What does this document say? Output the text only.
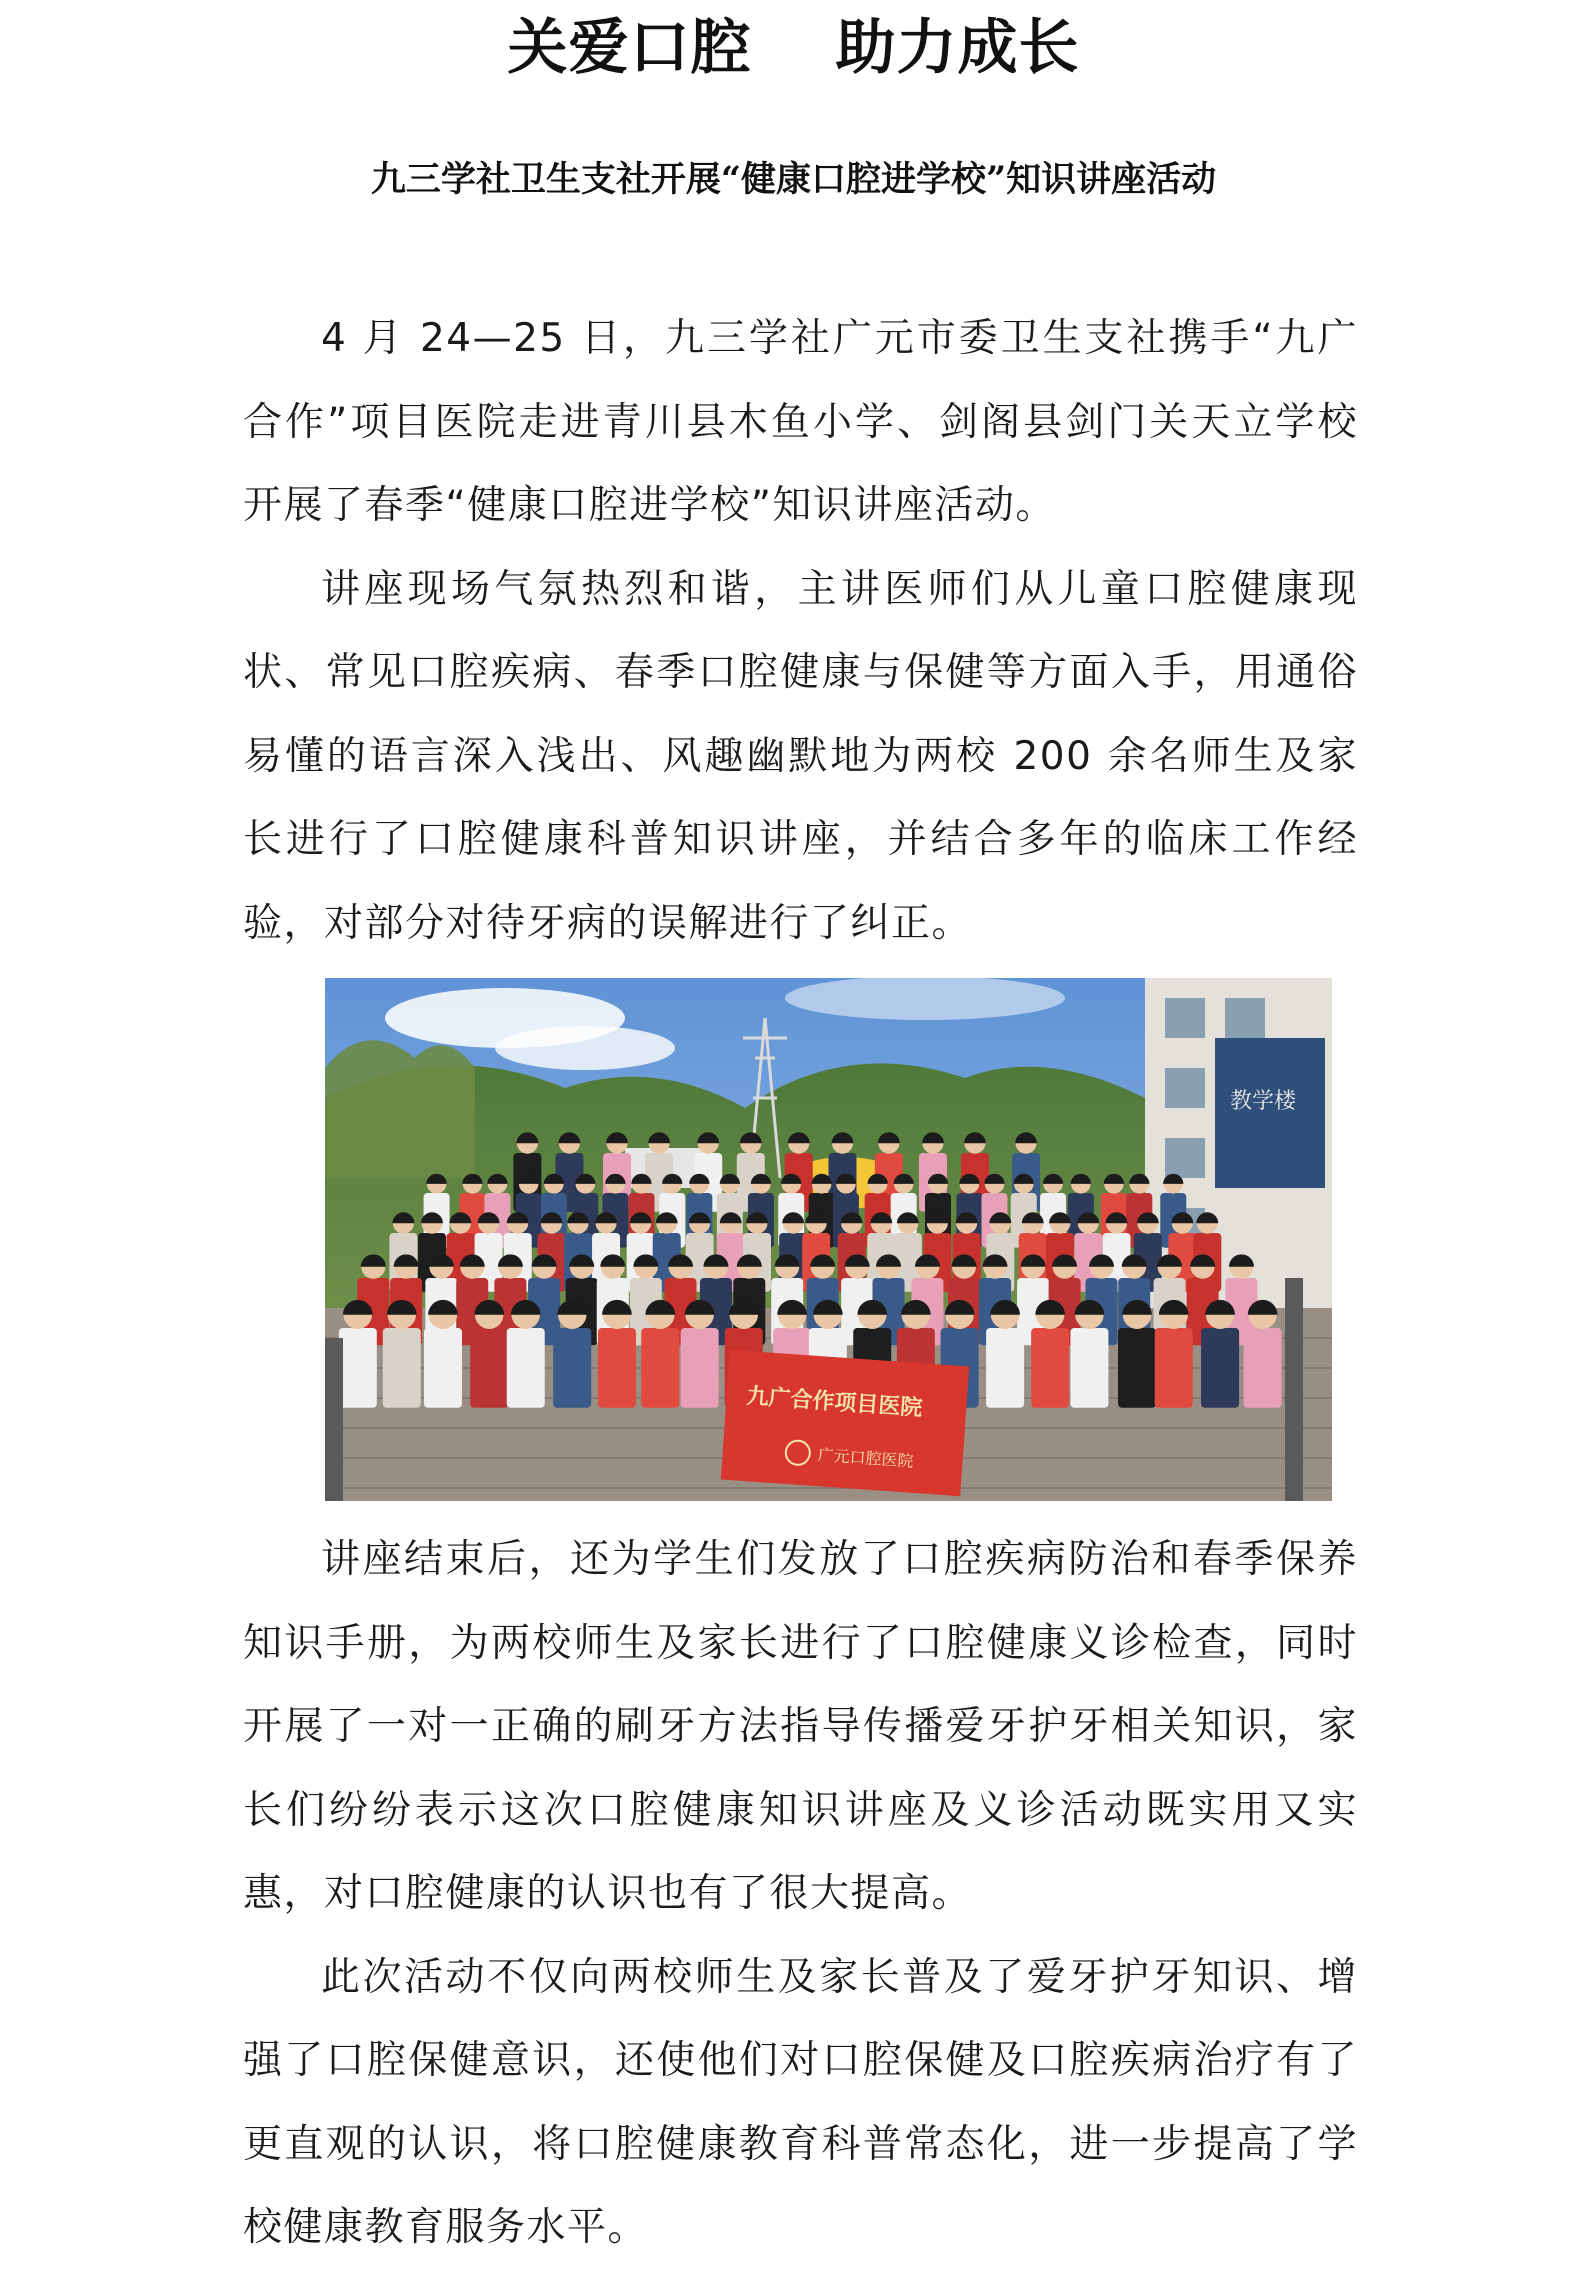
关爱口腔 助力成长
九三学社卫生支社开展“健康口腔进学校”知识讲座活动

4 月 24—25 日，九三学社广元市委卫生支社携手“九广合作”项目医院走进青川县木鱼小学、剑阁县剑门关天立学校开展了春季“健康口腔进学校”知识讲座活动。

讲座现场气氛热烈和谐，主讲医师们从儿童口腔健康现状、常见口腔疾病、春季口腔健康与保健等方面入手，用通俗易懂的语言深入浅出、风趣幽默地为两校 200 余名师生及家长进行了口腔健康科普知识讲座，并结合多年的临床工作经验，对部分对待牙病的误解进行了纠正。

教学楼
九广合作项目医院
广元口腔医院

讲座结束后，还为学生们发放了口腔疾病防治和春季保养知识手册，为两校师生及家长进行了口腔健康义诊检查，同时开展了一对一正确的刷牙方法指导传播爱牙护牙相关知识，家长们纷纷表示这次口腔健康知识讲座及义诊活动既实用又实惠，对口腔健康的认识也有了很大提高。

此次活动不仅向两校师生及家长普及了爱牙护牙知识、增强了口腔保健意识，还使他们对口腔保健及口腔疾病治疗有了更直观的认识，将口腔健康教育科普常态化，进一步提高了学校健康教育服务水平。
